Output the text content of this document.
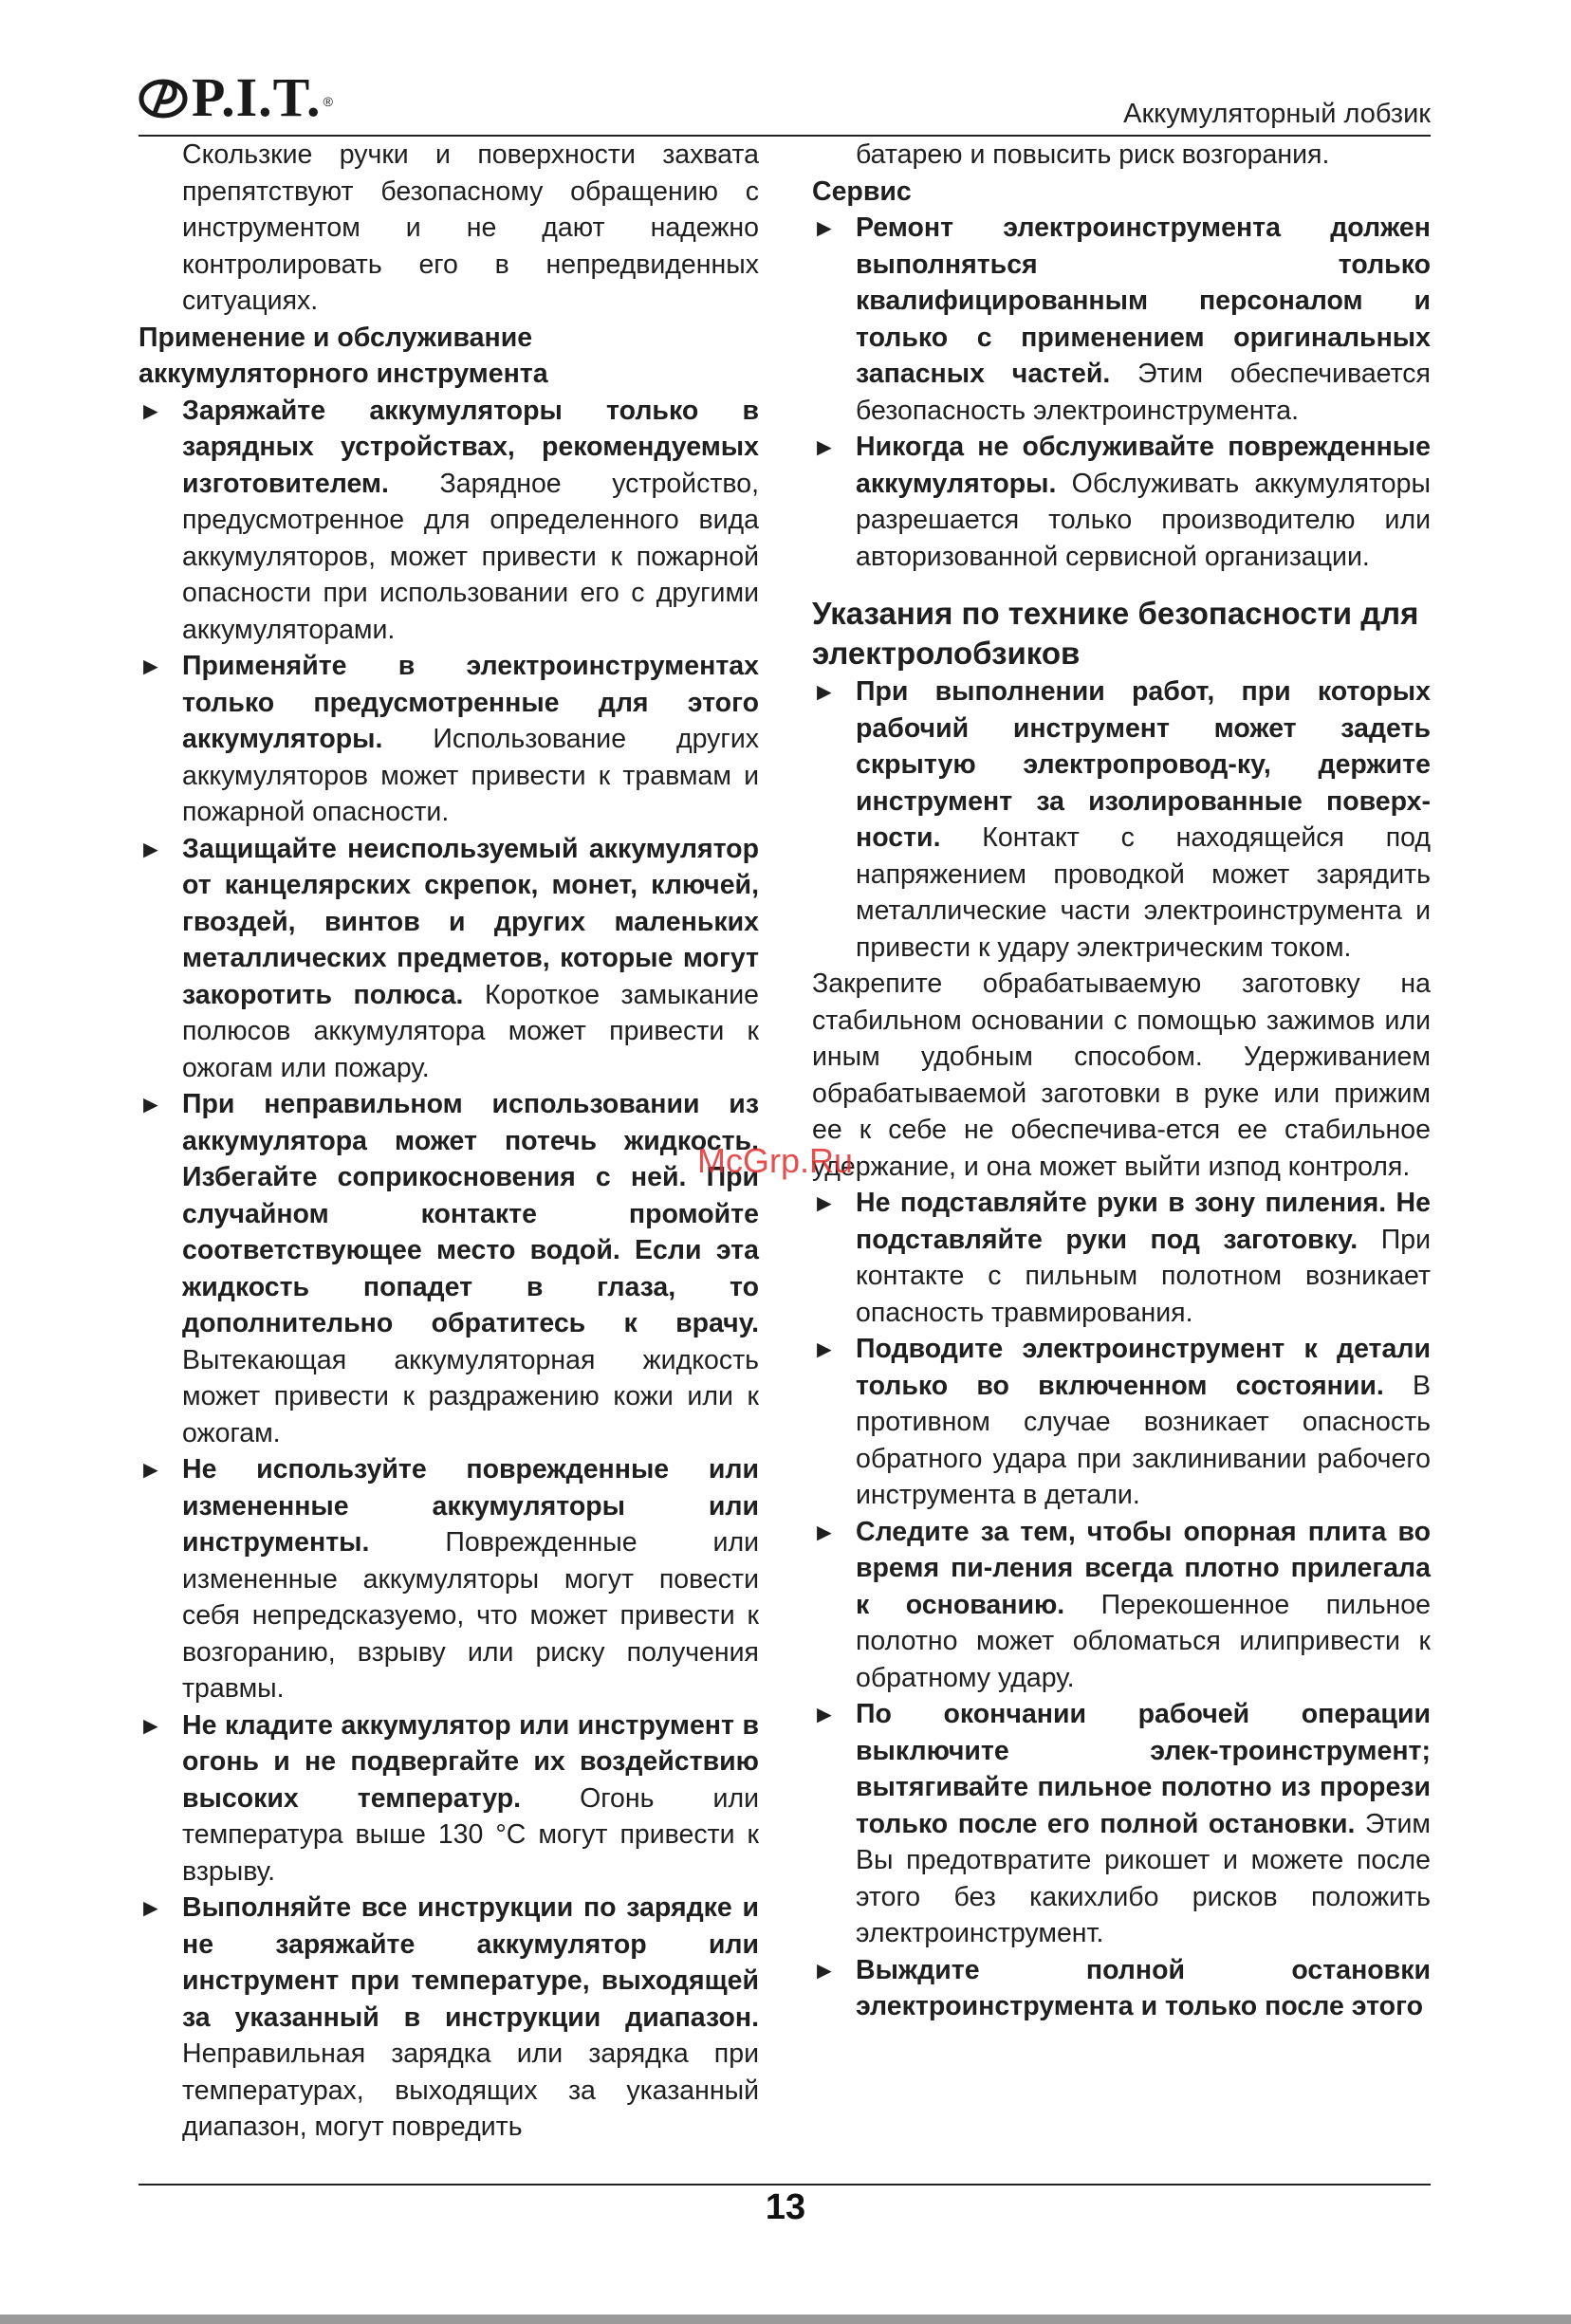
P.I.T. ®	Аккумуляторный лобзик

Скользкие ручки и поверхности захвата препятствуют безопасному обращению с инструментом и не дают надежно контролировать его в непредвиденных ситуациях.

Применение и обслуживание аккумуляторного инструмента

► Заряжайте аккумуляторы только в зарядных устройствах, рекомендуемых изготовителем. Зарядное устройство, предусмотренное для определенного вида аккумуляторов, может привести к пожарной опасности при использовании его с другими аккумуляторами.

► Применяйте в электроинструментах только предусмотренные для этого аккумуляторы. Использование других аккумуляторов может привести к травмам и пожарной опасности.

► Защищайте неиспользуемый аккумулятор от канцелярских скрепок, монет, ключей, гвоздей, винтов и других маленьких металлических предметов, которые могут закоротить полюса. Короткое замыкание полюсов аккумулятора может привести к ожогам или пожару.

► При неправильном использовании из аккумулятора может потечь жидкость. Избегайте соприкосновения с ней. При случайном контакте промойте соответствующее место водой. Если эта жидкость попадет в глаза, то дополнительно обратитесь к врачу. Вытекающая аккумуляторная жидкость может привести к раздражению кожи или к ожогам.

► Не используйте поврежденные или измененные аккумуляторы или инструменты. Поврежденные или измененные аккумуляторы могут повести себя непредсказуемо, что может привести к возгоранию, взрыву или риску получения травмы.

► Не кладите аккумулятор или инструмент в огонь и не подвергайте их воздействию высоких температур. Огонь или температура выше 130 °С могут привести к взрыву.

► Выполняйте все инструкции по зарядке и не заряжайте аккумулятор или инструмент при температуре, выходящей за указанный в инструкции диапазон. Неправильная зарядка или зарядка при температурах, выходящих за указанный диапазон, могут повредить

батарею и повысить риск возгорания.

Сервис

► Ремонт электроинструмента должен выполняться только квалифицированным персоналом и только с применением оригинальных запасных частей. Этим обеспечивается безопасность электроинструмента.

► Никогда не обслуживайте поврежденные аккумуляторы. Обслуживать аккумуляторы разрешается только производителю или авторизованной сервисной организации.

Указания по технике безопасности для электролобзиков

► При выполнении работ, при которых рабочий инструмент может задеть скрытую электропровод-ку, держите инструмент за изолированные поверх-ности. Контакт с находящейся под напряжением проводкой может зарядить металлические части электроинструмента и привести к удару электрическим током.

Закрепите обрабатываемую заготовку на стабильном основании с помощью зажимов или иным удобным способом. Удерживанием обрабатываемой заготовки в руке или прижим ее к себе не обеспечива-ется ее стабильное удержание, и она может выйти изпод контроля.

► Не подставляйте руки в зону пиления. Не подставляйте руки под заготовку. При контакте с пильным полотном возникает опасность травмирования.

► Подводите электроинструмент к детали только во включенном состоянии. В противном случае возникает опасность обратного удара при заклинивании рабочего инструмента в детали.

► Следите за тем, чтобы опорная плита во время пи-ления всегда плотно прилегала к основанию. Перекошенное пильное полотно может обломаться илипривести к обратному удару.

► По окончании рабочей операции выключите элек-троинструмент; вытягивайте пильное полотно из прорези только после его полной остановки. Этим Вы предотвратите рикошет и можете после этого без какихлибо рисков положить электроинструмент.

► Выждите полной остановки электроинструмента и только после этого

McGrp.Ru
13
